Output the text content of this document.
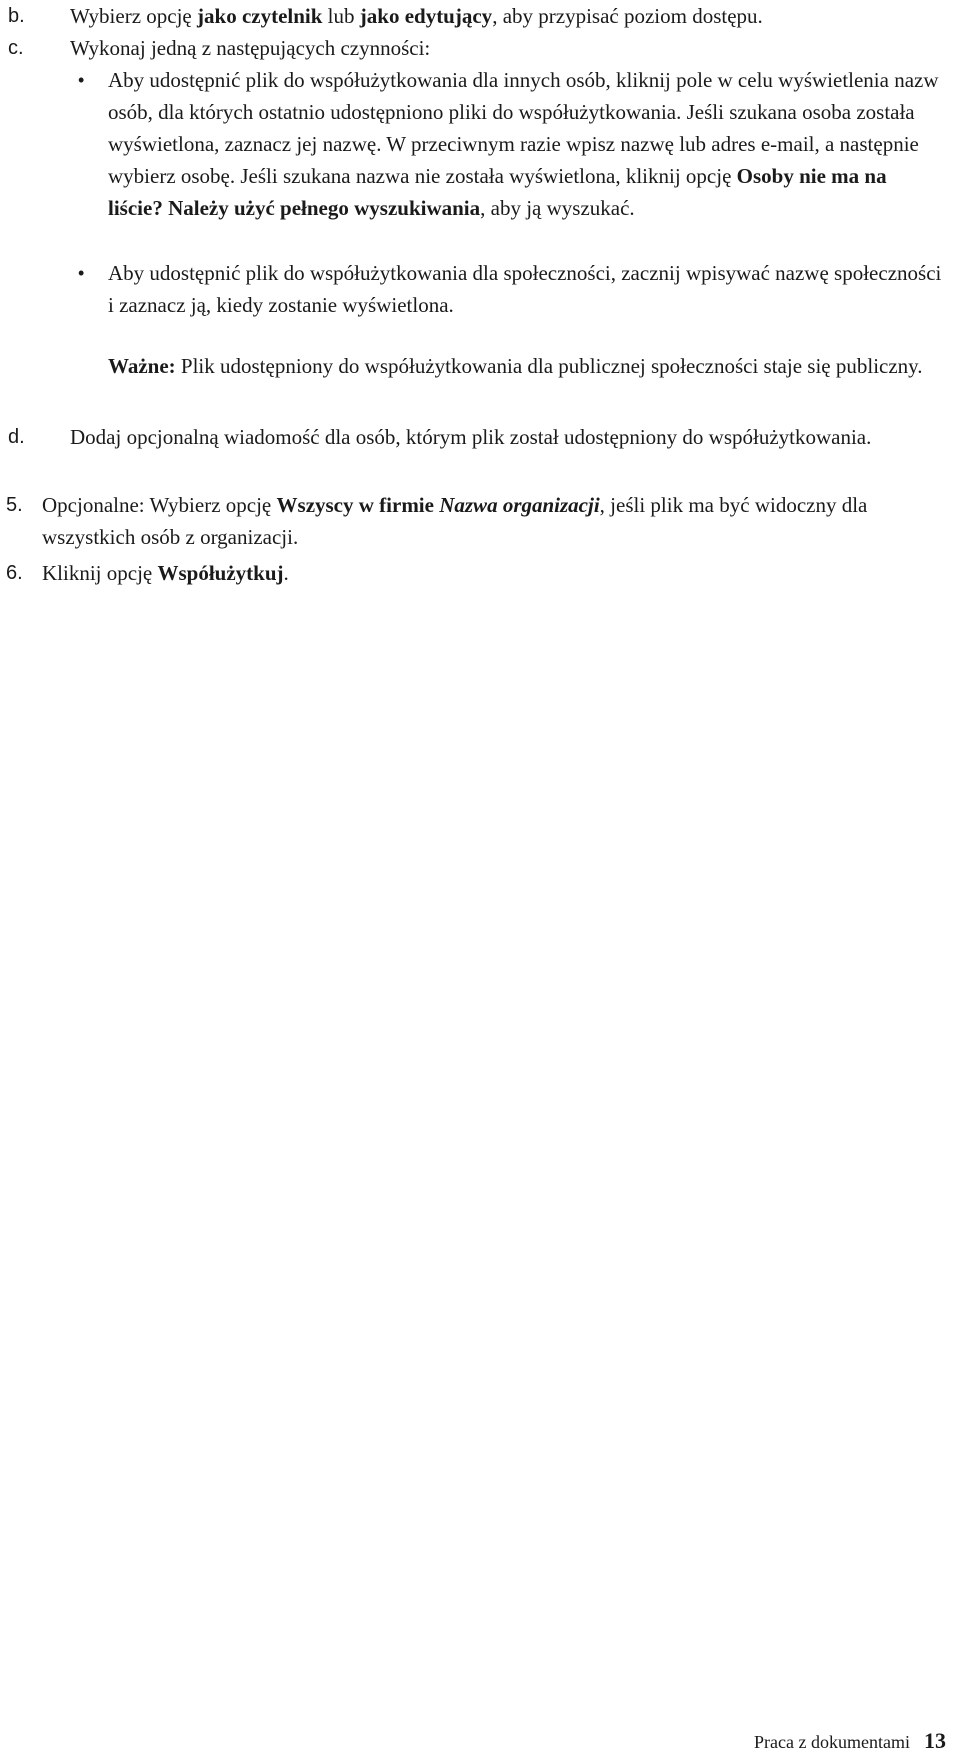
b. Wybierz opcję jako czytelnik lub jako edytujący, aby przypisać poziom dostępu.
c. Wykonaj jedną z następujących czynności:
• Aby udostępnić plik do współużytkowania dla innych osób, kliknij pole w celu wyświetlenia nazw osób, dla których ostatnio udostępniono pliki do współużytkowania. Jeśli szukana osoba została wyświetlona, zaznacz jej nazwę. W przeciwnym razie wpisz nazwę lub adres e-mail, a następnie wybierz osobę. Jeśli szukana nazwa nie została wyświetlona, kliknij opcję Osoby nie ma na liście? Należy użyć pełnego wyszukiwania, aby ją wyszukać.
• Aby udostępnić plik do współużytkowania dla społeczności, zacznij wpisywać nazwę społeczności i zaznacz ją, kiedy zostanie wyświetlona.
Ważne: Plik udostępniony do współużytkowania dla publicznej społeczności staje się publiczny.
d. Dodaj opcjonalną wiadomość dla osób, którym plik został udostępniony do współużytkowania.
5. Opcjonalne: Wybierz opcję Wszyscy w firmie Nazwa organizacji, jeśli plik ma być widoczny dla wszystkich osób z organizacji.
6. Kliknij opcję Współużytkuj.
Praca z dokumentami 13
